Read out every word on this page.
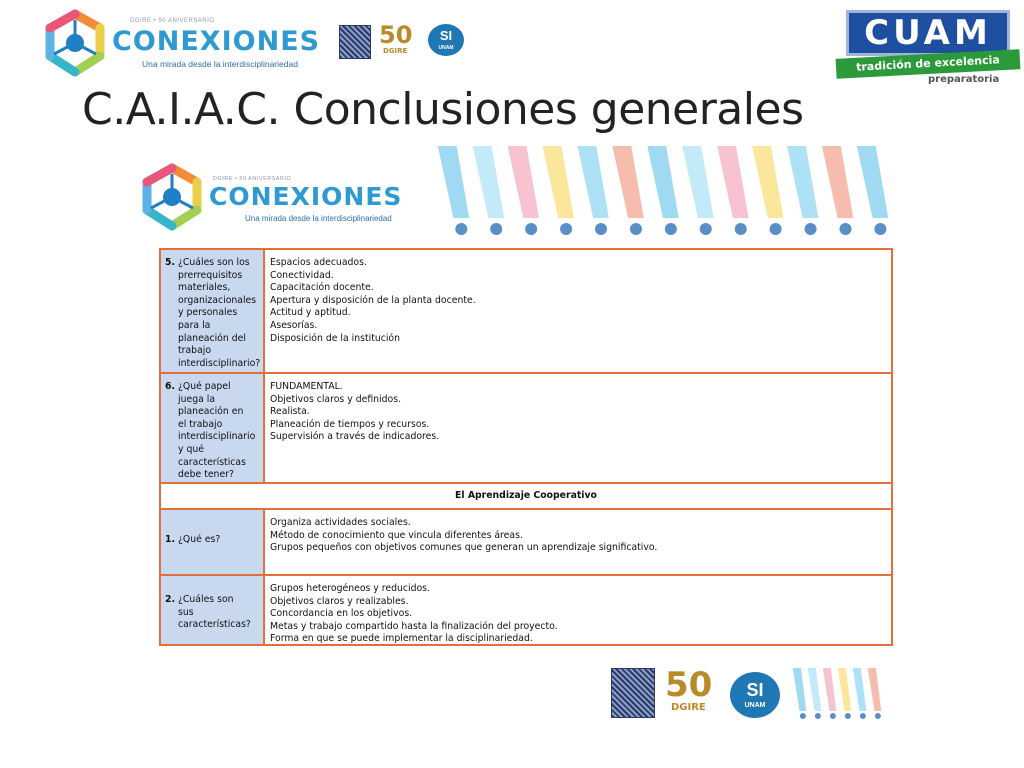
DGIRE • 50 ANIVERSARIO
CONEXIONES
Una mirada desde la interdisciplinariedad
50
DGIRE
SI
UNAM	CUAM
tradición de excelencia
preparatoria
C.A.I.A.C. Conclusiones generales
DGIRE • 50 ANIVERSARIO
CONEXIONES
Una mirada desde la interdisciplinariedad
5. ¿Cuáles son los
prerrequisitos
materiales,
organizacionales
y personales
para la
planeación del
trabajo
interdisciplinario?
Espacios adecuados.
Conectividad.
Capacitación docente.
Apertura y disposición de la planta docente.
Actitud y aptitud.
Asesorías.
Disposición de la institución
6. ¿Qué papel
juega la
planeación en
el trabajo
interdisciplinario
y qué
características
debe tener?
FUNDAMENTAL.
Objetivos claros y definidos.
Realista.
Planeación de tiempos y recursos.
Supervisión a través de indicadores.
El Aprendizaje Cooperativo
1. ¿Qué es?
Organiza actividades sociales.
Método de conocimiento que vincula diferentes áreas.
Grupos pequeños con objetivos comunes que generan un aprendizaje significativo.
2. ¿Cuáles son
sus
características?
Grupos heterogéneos y reducidos.
Objetivos claros y realizables.
Concordancia en los objetivos.
Metas y trabajo compartido hasta la finalización del proyecto.
Forma en que se puede implementar la disciplinariedad.
50
DGIRE
SI
UNAM
